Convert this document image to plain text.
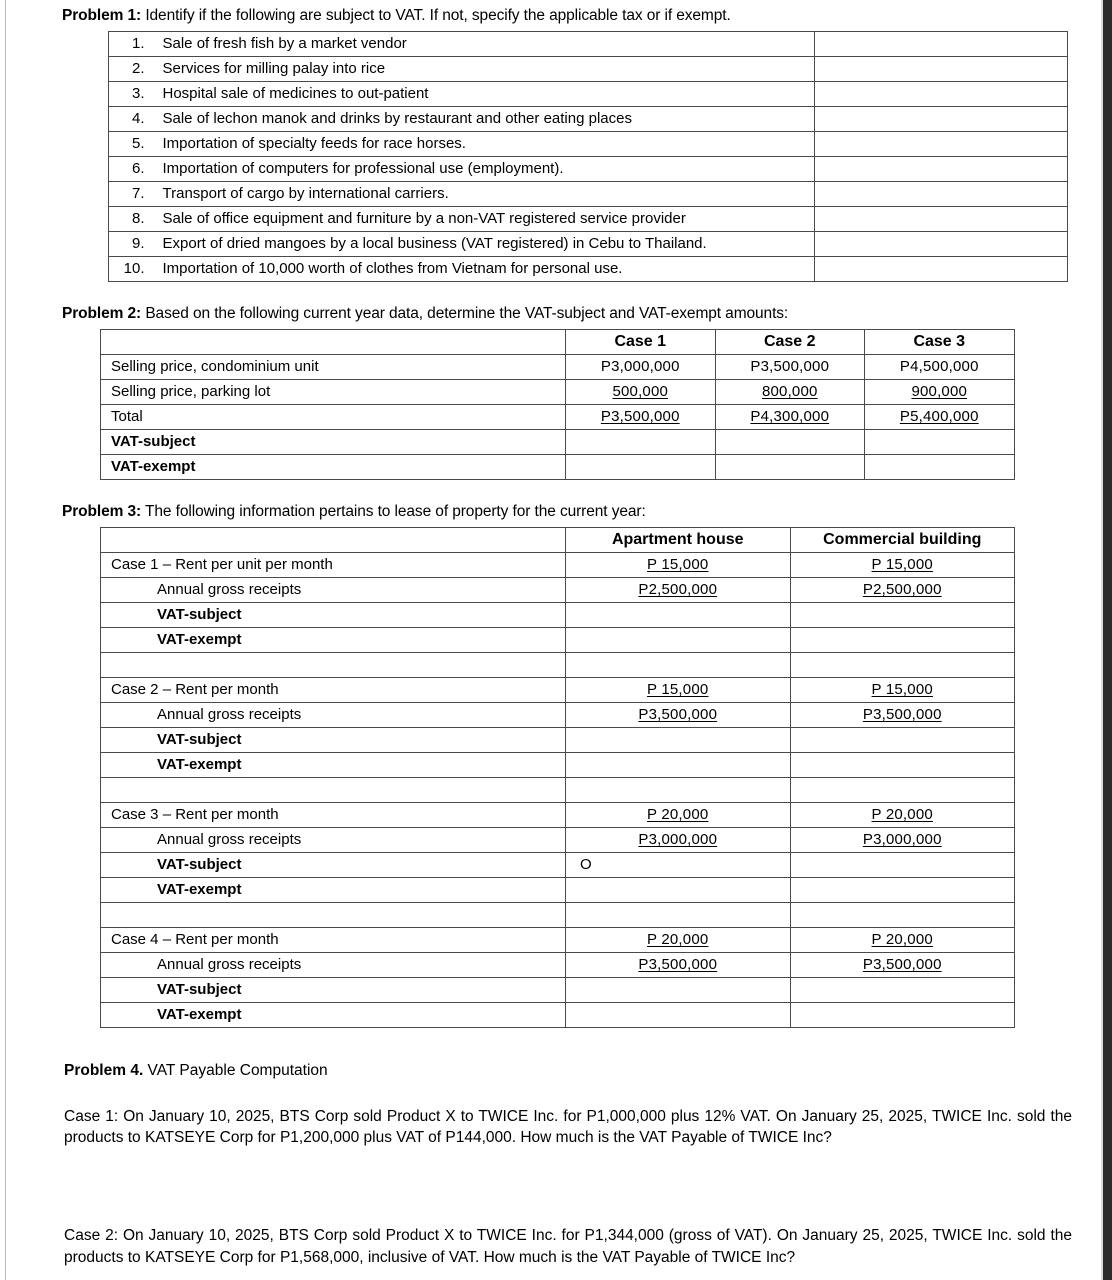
Problem 1: Identify if the following are subject to VAT. If not, specify the applicable tax or if exempt.
1.	Sale of fresh fish by a market vendor	
2.	Services for milling palay into rice	
3.	Hospital sale of medicines to out-patient	
4.	Sale of lechon manok and drinks by restaurant and other eating places	
5.	Importation of specialty feeds for race horses.	
6.	Importation of computers for professional use (employment).	
7.	Transport of cargo by international carriers.	
8.	Sale of office equipment and furniture by a non-VAT registered service provider	
9.	Export of dried mangoes by a local business (VAT registered) in Cebu to Thailand.	
10.	Importation of 10,000 worth of clothes from Vietnam for personal use.	
Problem 2: Based on the following current year data, determine the VAT-subject and VAT-exempt amounts:
	Case 1	Case 2	Case 3
Selling price, condominium unit	P3,000,000	P3,500,000	P4,500,000
Selling price, parking lot	500,000	800,000	900,000
Total	P3,500,000	P4,300,000	P5,400,000
VAT-subject			
VAT-exempt			
Problem 3: The following information pertains to lease of property for the current year:
	Apartment house	Commercial building
Case 1 – Rent per unit per month	P 15,000	P 15,000
Annual gross receipts	P2,500,000	P2,500,000
VAT-subject		
VAT-exempt		

Case 2 – Rent per month	P 15,000	P 15,000
Annual gross receipts	P3,500,000	P3,500,000
VAT-subject		
VAT-exempt		

Case 3 – Rent per month	P 20,000	P 20,000
Annual gross receipts	P3,000,000	P3,000,000
VAT-subject	O	
VAT-exempt		

Case 4 – Rent per month	P 20,000	P 20,000
Annual gross receipts	P3,500,000	P3,500,000
VAT-subject		
VAT-exempt		
Problem 4. VAT Payable Computation
Case 1: On January 10, 2025, BTS Corp sold Product X to TWICE Inc. for P1,000,000 plus 12% VAT. On January 25, 2025, TWICE Inc. sold the products to KATSEYE Corp for P1,200,000 plus VAT of P144,000. How much is the VAT Payable of TWICE Inc?
Case 2: On January 10, 2025, BTS Corp sold Product X to TWICE Inc. for P1,344,000 (gross of VAT). On January 25, 2025, TWICE Inc. sold the products to KATSEYE Corp for P1,568,000, inclusive of VAT. How much is the VAT Payable of TWICE Inc?
